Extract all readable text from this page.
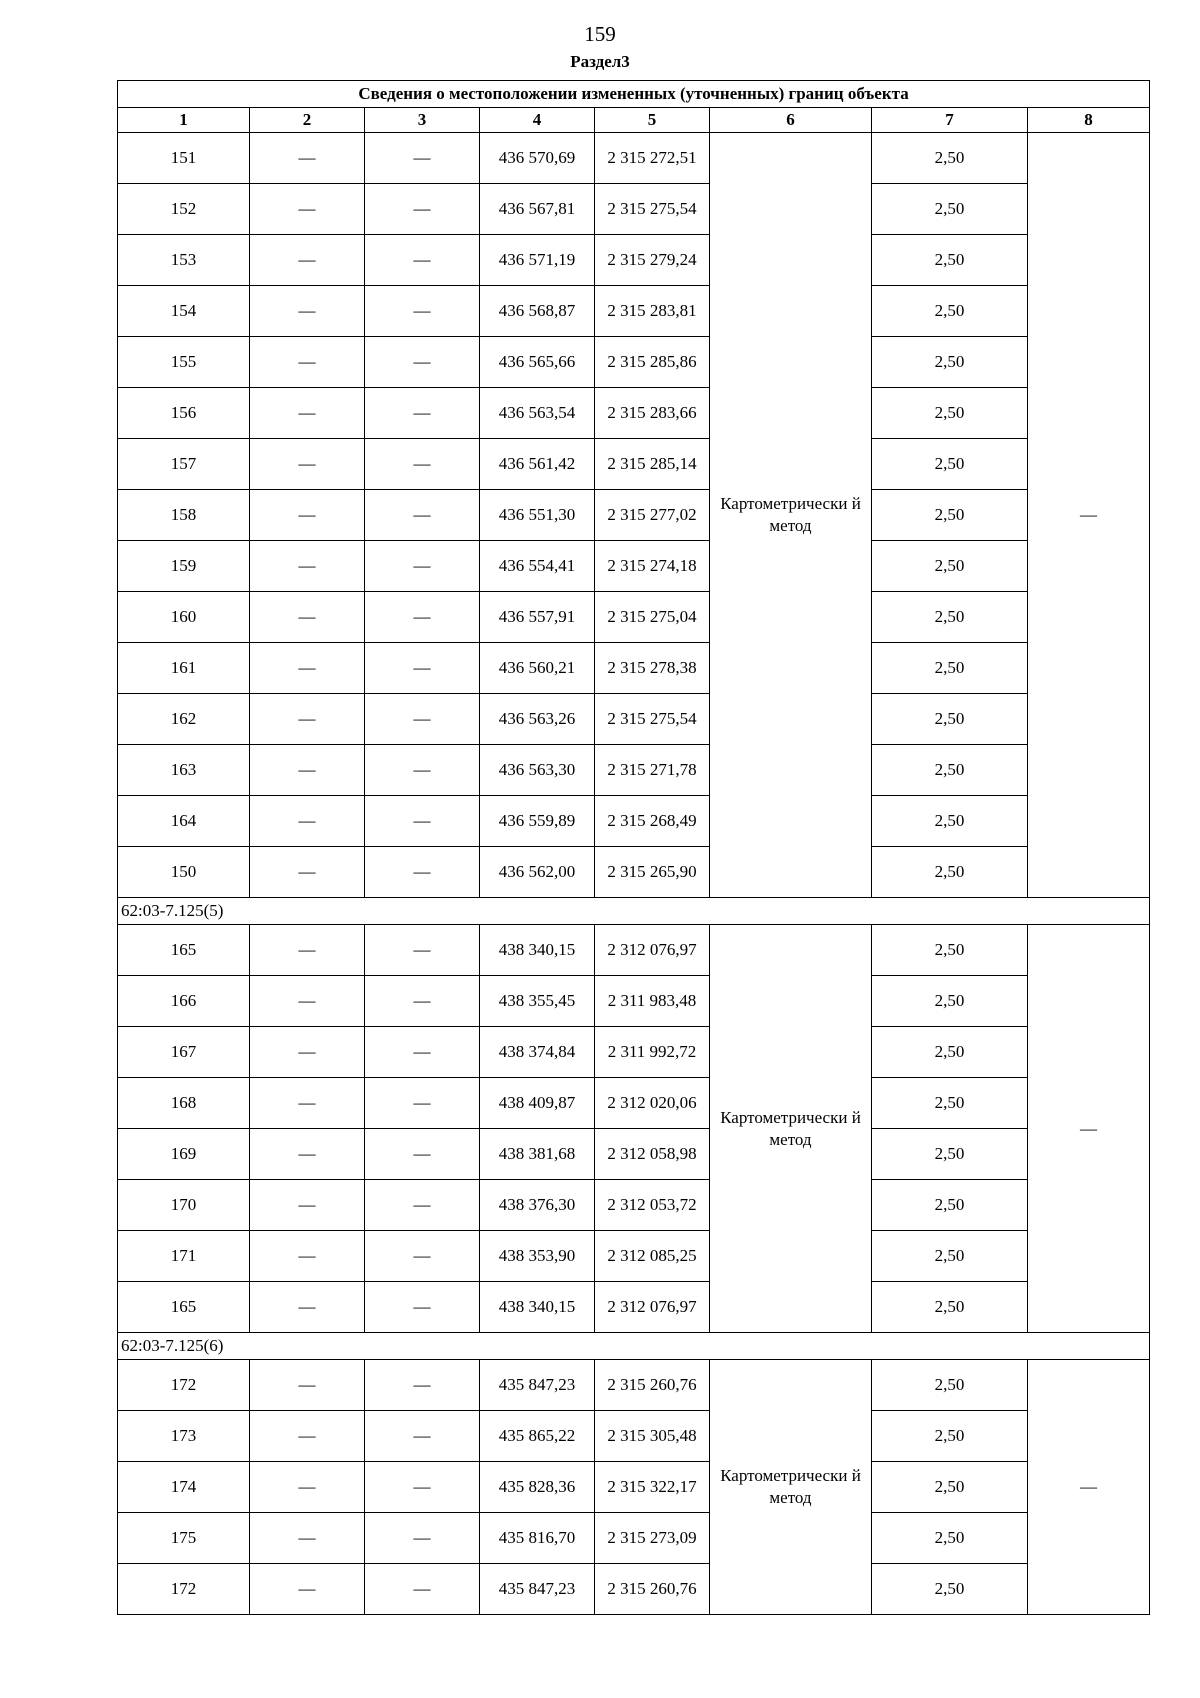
159
Раздел3
Сведения о местоположении измененных (уточненных) границ объекта							
1	2	3	4	5	6	7	8
151	—	—	436 570,69	2 315 272,51	Картометрически й метод	2,50	—
152	—	—	436 567,81	2 315 275,54		2,50	
153	—	—	436 571,19	2 315 279,24		2,50	
154	—	—	436 568,87	2 315 283,81		2,50	
155	—	—	436 565,66	2 315 285,86		2,50	
156	—	—	436 563,54	2 315 283,66		2,50	
157	—	—	436 561,42	2 315 285,14		2,50	
158	—	—	436 551,30	2 315 277,02		2,50	
159	—	—	436 554,41	2 315 274,18		2,50	
160	—	—	436 557,91	2 315 275,04		2,50	
161	—	—	436 560,21	2 315 278,38		2,50	
162	—	—	436 563,26	2 315 275,54		2,50	
163	—	—	436 563,30	2 315 271,78		2,50	
164	—	—	436 559,89	2 315 268,49		2,50	
150	—	—	436 562,00	2 315 265,90		2,50	
62:03-7.125(5)							
165	—	—	438 340,15	2 312 076,97	Картометрически й метод	2,50	—
166	—	—	438 355,45	2 311 983,48		2,50	
167	—	—	438 374,84	2 311 992,72		2,50	
168	—	—	438 409,87	2 312 020,06		2,50	
169	—	—	438 381,68	2 312 058,98		2,50	
170	—	—	438 376,30	2 312 053,72		2,50	
171	—	—	438 353,90	2 312 085,25		2,50	
165	—	—	438 340,15	2 312 076,97		2,50	
62:03-7.125(6)							
172	—	—	435 847,23	2 315 260,76	Картометрически й метод	2,50	—
173	—	—	435 865,22	2 315 305,48		2,50	
174	—	—	435 828,36	2 315 322,17		2,50	
175	—	—	435 816,70	2 315 273,09		2,50	
172	—	—	435 847,23	2 315 260,76		2,50	
